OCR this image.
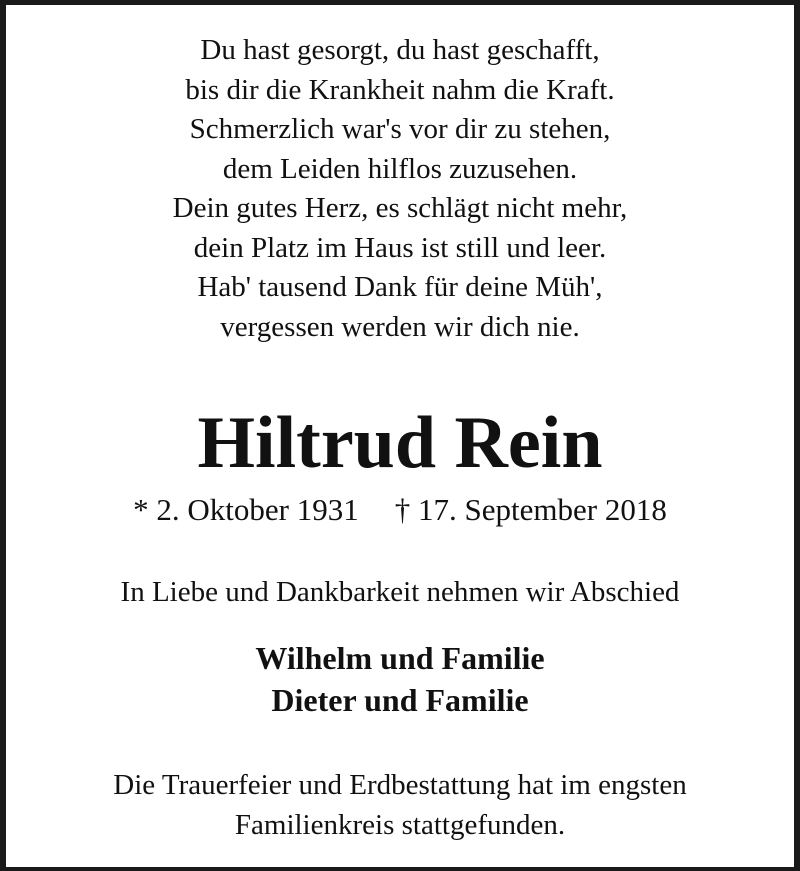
Du hast gesorgt, du hast geschafft,
bis dir die Krankheit nahm die Kraft.
Schmerzlich war's vor dir zu stehen,
dem Leiden hilflos zuzusehen.
Dein gutes Herz, es schlägt nicht mehr,
dein Platz im Haus ist still und leer.
Hab' tausend Dank für deine Müh',
vergessen werden wir dich nie.
Hiltrud Rein
* 2. Oktober 1931 † 17. September 2018
In Liebe und Dankbarkeit nehmen wir Abschied
Wilhelm und Familie
Dieter und Familie
Die Trauerfeier und Erdbestattung hat im engsten
Familienkreis stattgefunden.
